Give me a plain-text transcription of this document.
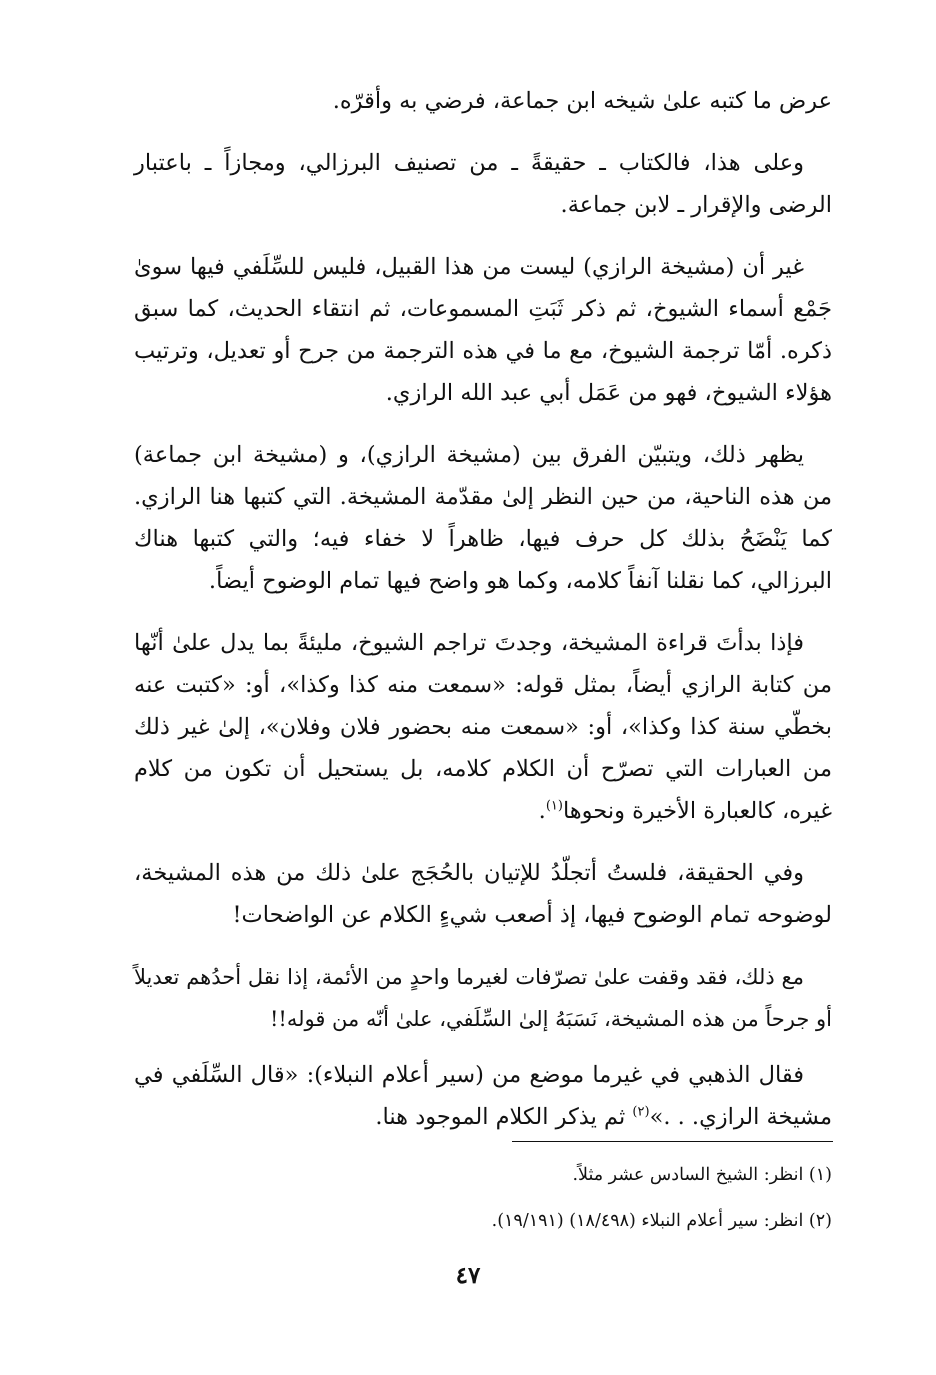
عرض ما كتبه علىٰ شيخه ابن جماعة، فرضي به وأقرّه.

وعلى هذا، فالكتاب ـ حقيقةً ـ من تصنيف البرزالي، ومجازاً ـ باعتبار الرضى والإقرار ـ لابن جماعة.

غير أن (مشيخة الرازي) ليست من هذا القبيل، فليس للسِّلَفي فيها سوىٰ جَمْع أسماء الشيوخ، ثم ذكر ثَبَتِ المسموعات، ثم انتقاء الحديث، كما سبق ذكره. أمّا ترجمة الشيوخ، مع ما في هذه الترجمة من جرح أو تعديل، وترتيب هؤلاء الشيوخ، فهو من عَمَل أبي عبد الله الرازي.

يظهر ذلك، ويتبيّن الفرق بين (مشيخة الرازي)، و (مشيخة ابن جماعة) من هذه الناحية، من حين النظر إلىٰ مقدّمة المشيخة. التي كتبها هنا الرازي. كما يَنْضَحُ بذلك كل حرف فيها، ظاهراً لا خفاء فيه؛ والتي كتبها هناك البرزالي، كما نقلنا آنفاً كلامه، وكما هو واضح فيها تمام الوضوح أيضاً.

فإذا بدأتَ قراءة المشيخة، وجدتَ تراجم الشيوخ، مليئةً بما يدل علىٰ أنّها من كتابة الرازي أيضاً، بمثل قوله: «سمعت منه كذا وكذا»، أو: «كتبت عنه بخطّي سنة كذا وكذا»، أو: «سمعت منه بحضور فلان وفلان»، إلىٰ غير ذلك من العبارات التي تصرّح أن الكلام كلامه، بل يستحيل أن تكون من كلام غيره، كالعبارة الأخيرة ونحوها$^{(١)}$.

وفي الحقيقة، فلستُ أتجلّدُ للإتيان بالحُجَج علىٰ ذلك من هذه المشيخة، لوضوحه تمام الوضوح فيها، إذ أصعب شيءٍ الكلام عن الواضحات!

مع ذلك، فقد وقفت علىٰ تصرّفات لغيرما واحدٍ من الأئمة، إذا نقل أحدُهم تعديلاً أو جرحاً من هذه المشيخة، نَسَبَهُ إلىٰ السِّلَفي، علىٰ أنّه من قوله!!

فقال الذهبي في غيرما موضع من (سير أعلام النبلاء): «قال السِّلَفي في مشيخة الرازي. . .»$^{(٢)}$ ثم يذكر الكلام الموجود هنا.

(١) انظر: الشيخ السادس عشر مثلاً.

(٢) انظر: سير أعلام النبلاء (١٨/٤٩٨) (١٩/١٩١).

٤٧
